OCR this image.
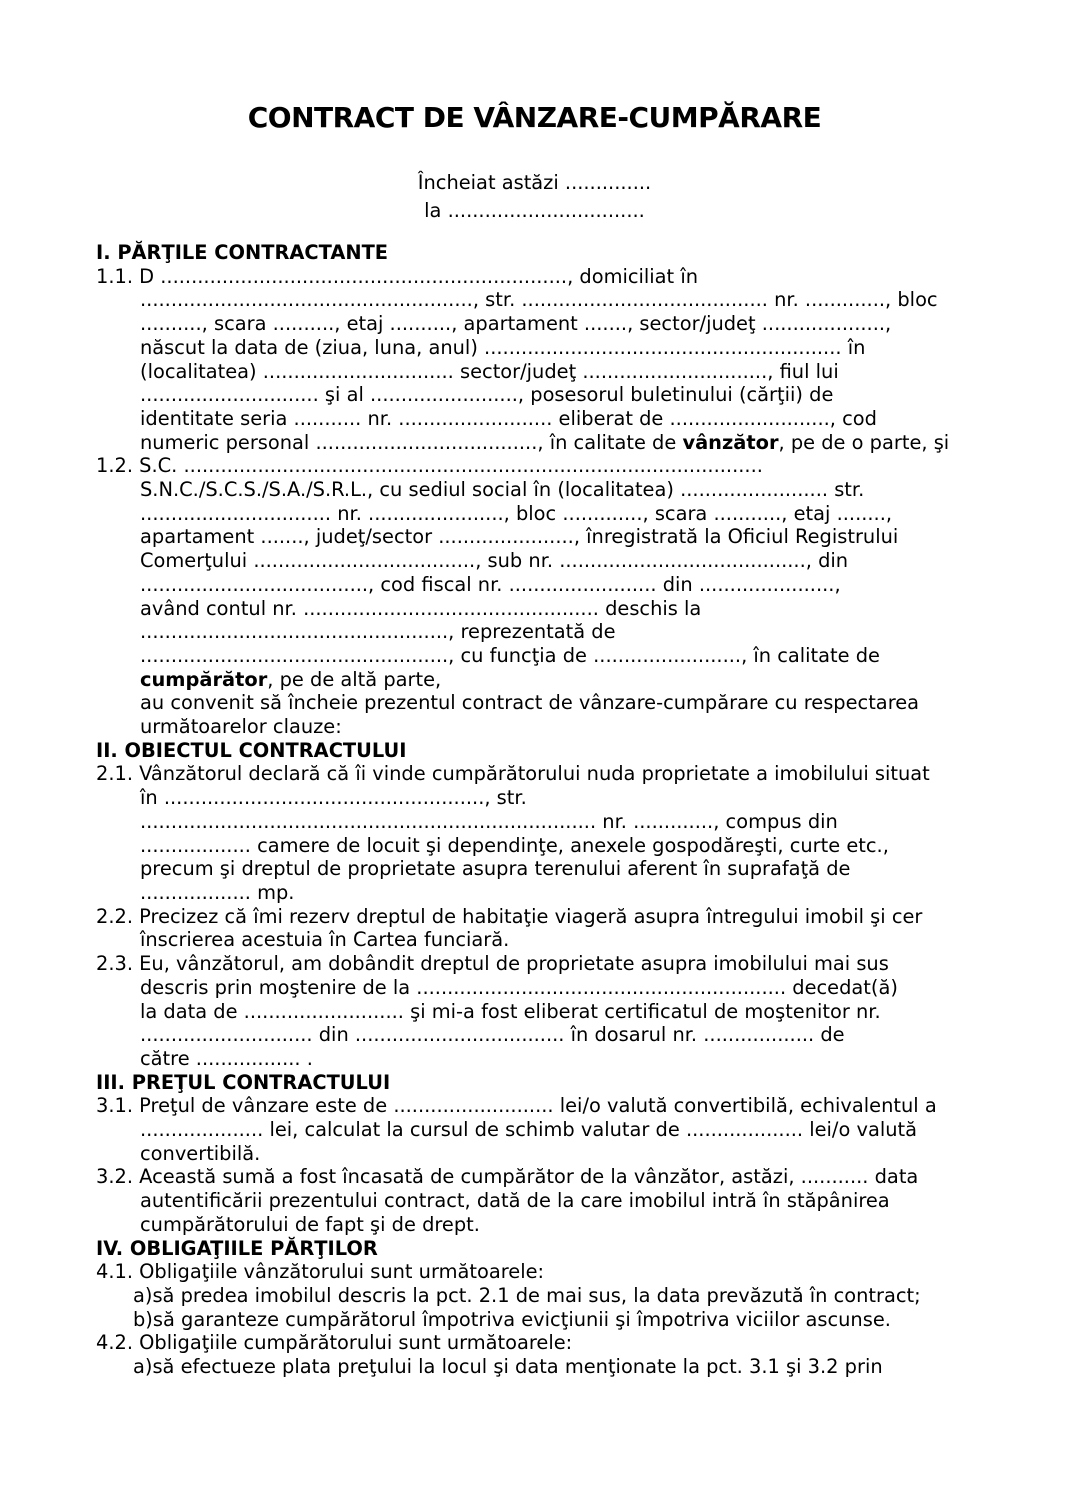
CONTRACT DE VÂNZARE-CUMPĂRARE
Încheiat astăzi ..............
la ................................
I. PĂRŢILE CONTRACTANTE
1.1. D .................................................................., domiciliat în
......................................................, str. ........................................ nr. ............., bloc
.........., scara .........., etaj .........., apartament ......., sector/judeţ ....................,
născut la data de (ziua, luna, anul) .......................................................... în
(localitatea) ............................... sector/judeţ .............................., fiul lui
............................. şi al ........................, posesorul buletinului (cărţii) de
identitate seria ........... nr. ......................... eliberat de .........................., cod
numeric personal ...................................., în calitate de vânzător, pe de o parte, şi
1.2. S.C. ..............................................................................................
S.N.C./S.C.S./S.A./S.R.L., cu sediul social în (localitatea) ........................ str.
............................... nr. ......................, bloc ............., scara ..........., etaj ........,
apartament ......., judeţ/sector ......................, înregistrată la Oficiul Registrului
Comerţului ...................................., sub nr. ........................................, din
....................................., cod fiscal nr. ........................ din ......................,
având contul nr. ................................................ deschis la
.................................................., reprezentată de
.................................................., cu funcţia de ........................, în calitate de
cumpărător, pe de altă parte,
au convenit să încheie prezentul contract de vânzare-cumpărare cu respectarea
următoarelor clauze:
II. OBIECTUL CONTRACTULUI
2.1. Vânzătorul declară că îi vinde cumpărătorului nuda proprietate a imobilului situat
în ...................................................., str.
.......................................................................... nr. ............., compus din
.................. camere de locuit şi dependinţe, anexele gospodăreşti, curte etc.,
precum şi dreptul de proprietate asupra terenului aferent în suprafaţă de
.................. mp.
2.2. Precizez că îmi rezerv dreptul de habitaţie viageră asupra întregului imobil şi cer
înscrierea acestuia în Cartea funciară.
2.3. Eu, vânzătorul, am dobândit dreptul de proprietate asupra imobilului mai sus
descris prin moştenire de la ............................................................ decedat(ă)
la data de .......................... şi mi-a fost eliberat certificatul de moştenitor nr.
............................ din .................................. în dosarul nr. .................. de
către ................. .
III. PREŢUL CONTRACTULUI
3.1. Preţul de vânzare este de .......................... lei/o valută convertibilă, echivalentul a
.................... lei, calculat la cursul de schimb valutar de ................... lei/o valută
convertibilă.
3.2. Această sumă a fost încasată de cumpărător de la vânzător, astăzi, ........... data
autentificării prezentului contract, dată de la care imobilul intră în stăpânirea
cumpărătorului de fapt şi de drept.
IV. OBLIGAŢIILE PĂRŢILOR
4.1. Obligaţiile vânzătorului sunt următoarele:
a)să predea imobilul descris la pct. 2.1 de mai sus, la data prevăzută în contract;
b)să garanteze cumpărătorul împotriva evicţiunii şi împotriva viciilor ascunse.
4.2. Obligaţiile cumpărătorului sunt următoarele:
a)să efectueze plata preţului la locul şi data menţionate la pct. 3.1 şi 3.2 prin
